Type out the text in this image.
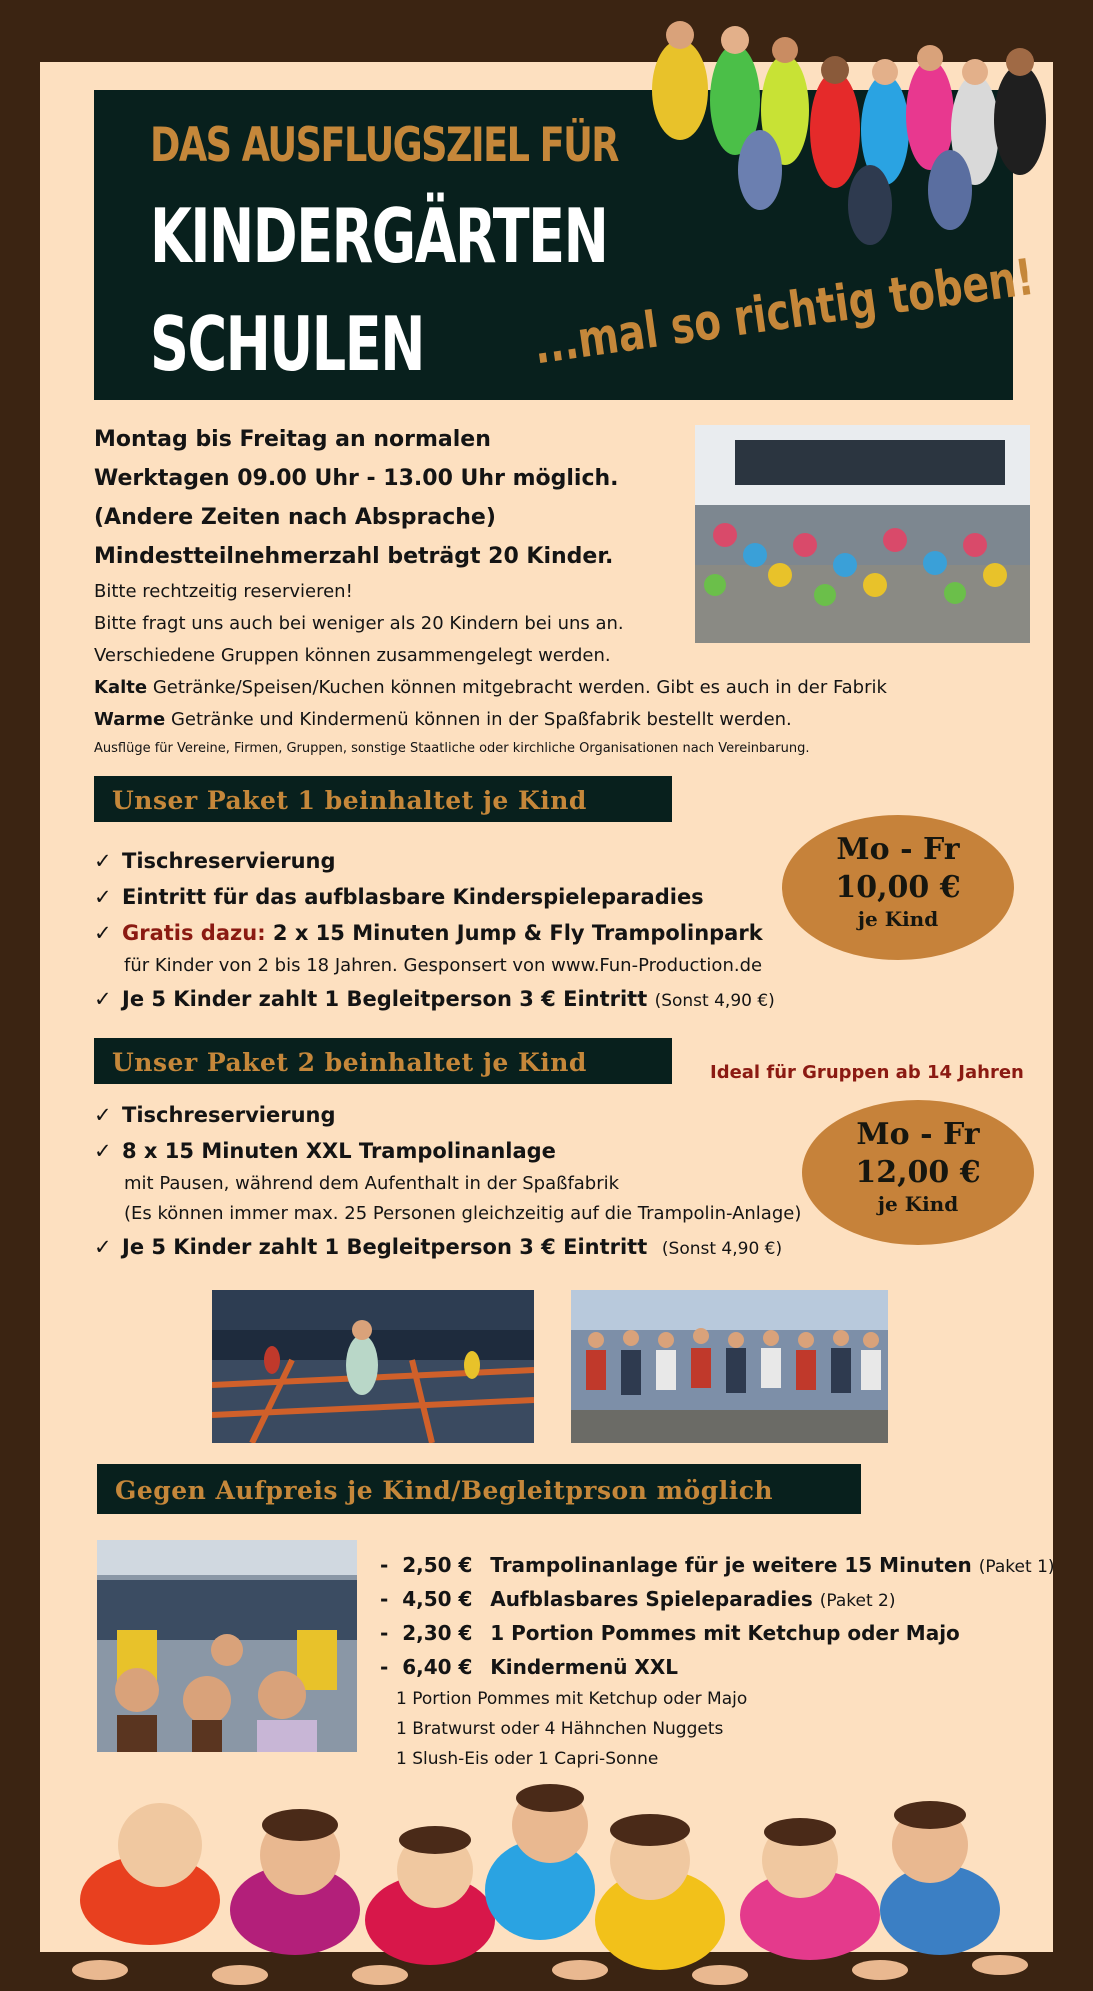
DAS AUSFLUGSZIEL FÜR
KINDERGÄRTEN
SCHULEN ...mal so richtig toben!
Montag bis Freitag an normalen
Werktagen 09.00 Uhr - 13.00 Uhr möglich.
(Andere Zeiten nach Absprache)
Mindestteilnehmerzahl beträgt 20 Kinder.
Bitte rechtzeitig reservieren!
Bitte fragt uns auch bei weniger als 20 Kindern bei uns an.
Verschiedene Gruppen können zusammengelegt werden.
Kalte Getränke/Speisen/Kuchen können mitgebracht werden. Gibt es auch in der Fabrik
Warme Getränke und Kindermenü können in der Spaßfabrik bestellt werden.
Ausflüge für Vereine, Firmen, Gruppen, sonstige Staatliche oder kirchliche Organisationen nach Vereinbarung.
Unser Paket 1 beinhaltet je Kind
✓ Tischreservierung
✓ Eintritt für das aufblasbare Kinderspieleparadies
✓ Gratis dazu: 2 x 15 Minuten Jump & Fly Trampolinpark
für Kinder von 2 bis 18 Jahren. Gesponsert von www.Fun-Production.de
✓ Je 5 Kinder zahlt 1 Begleitperson 3 € Eintritt (Sonst 4,90 €)
Mo - Fr
10,00 €
je Kind
Unser Paket 2 beinhaltet je Kind	Ideal für Gruppen ab 14 Jahren
✓ Tischreservierung
✓ 8 x 15 Minuten XXL Trampolinanlage
mit Pausen, während dem Aufenthalt in der Spaßfabrik
(Es können immer max. 25 Personen gleichzeitig auf die Trampolin-Anlage)
✓ Je 5 Kinder zahlt 1 Begleitperson 3 € Eintritt (Sonst 4,90 €)
Mo - Fr
12,00 €
je Kind
Gegen Aufpreis je Kind/Begleitprson möglich
- 2,50 € Trampolinanlage für je weitere 15 Minuten (Paket 1)
- 4,50 € Aufblasbares Spieleparadies (Paket 2)
- 2,30 € 1 Portion Pommes mit Ketchup oder Majo
- 6,40 € Kindermenü XXL
1 Portion Pommes mit Ketchup oder Majo
1 Bratwurst oder 4 Hähnchen Nuggets
1 Slush-Eis oder 1 Capri-Sonne
